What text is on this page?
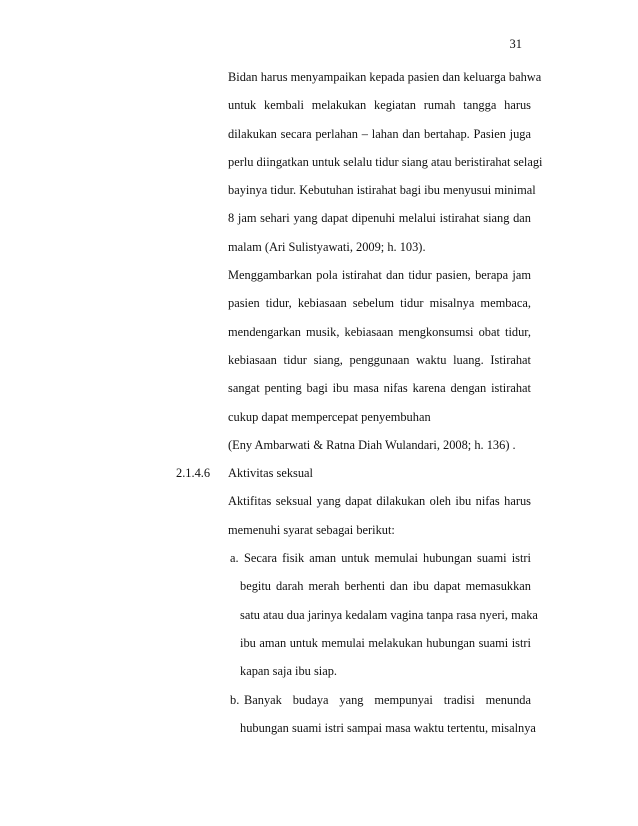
31
Bidan harus menyampaikan kepada pasien dan keluarga bahwa
untuk kembali melakukan kegiatan rumah tangga harus
dilakukan secara perlahan – lahan dan bertahap. Pasien juga
perlu diingatkan untuk selalu tidur siang atau beristirahat selagi
bayinya tidur. Kebutuhan istirahat bagi ibu menyusui minimal
8 jam sehari yang dapat dipenuhi melalui istirahat siang dan
malam (Ari Sulistyawati, 2009; h. 103).
Menggambarkan pola istirahat dan tidur pasien, berapa jam
pasien tidur, kebiasaan sebelum tidur misalnya membaca,
mendengarkan musik, kebiasaan mengkonsumsi obat tidur,
kebiasaan tidur siang, penggunaan waktu luang. Istirahat
sangat penting bagi ibu masa nifas karena dengan istirahat
cukup dapat mempercepat penyembuhan
(Eny Ambarwati & Ratna Diah Wulandari, 2008; h. 136) .
2.1.4.6	Aktivitas seksual
Aktifitas seksual yang dapat dilakukan oleh ibu nifas harus
memenuhi syarat sebagai berikut:
a. Secara fisik aman untuk memulai hubungan suami istri
begitu darah merah berhenti dan ibu dapat memasukkan
satu atau dua jarinya kedalam vagina tanpa rasa nyeri, maka
ibu aman untuk memulai melakukan hubungan suami istri
kapan saja ibu siap.
b. Banyak budaya yang mempunyai tradisi menunda
hubungan suami istri sampai masa waktu tertentu, misalnya
